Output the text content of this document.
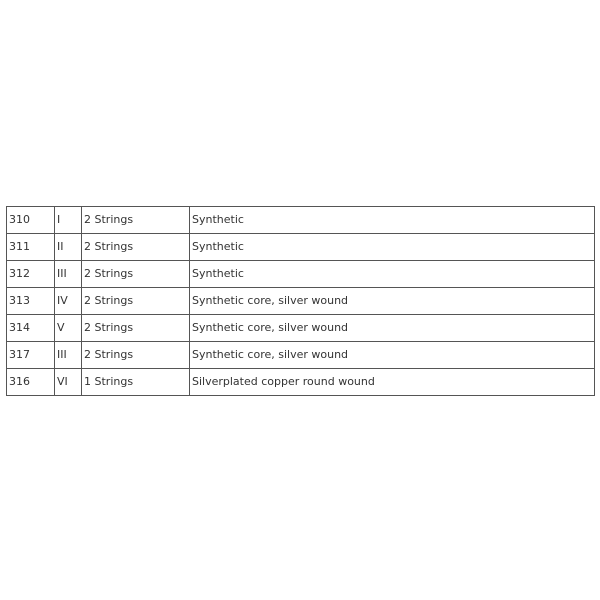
310	I	2 Strings	Synthetic
311	II	2 Strings	Synthetic
312	III	2 Strings	Synthetic
313	IV	2 Strings	Synthetic core, silver wound
314	V	2 Strings	Synthetic core, silver wound
317	III	2 Strings	Synthetic core, silver wound
316	VI	1 Strings	Silverplated copper round wound
